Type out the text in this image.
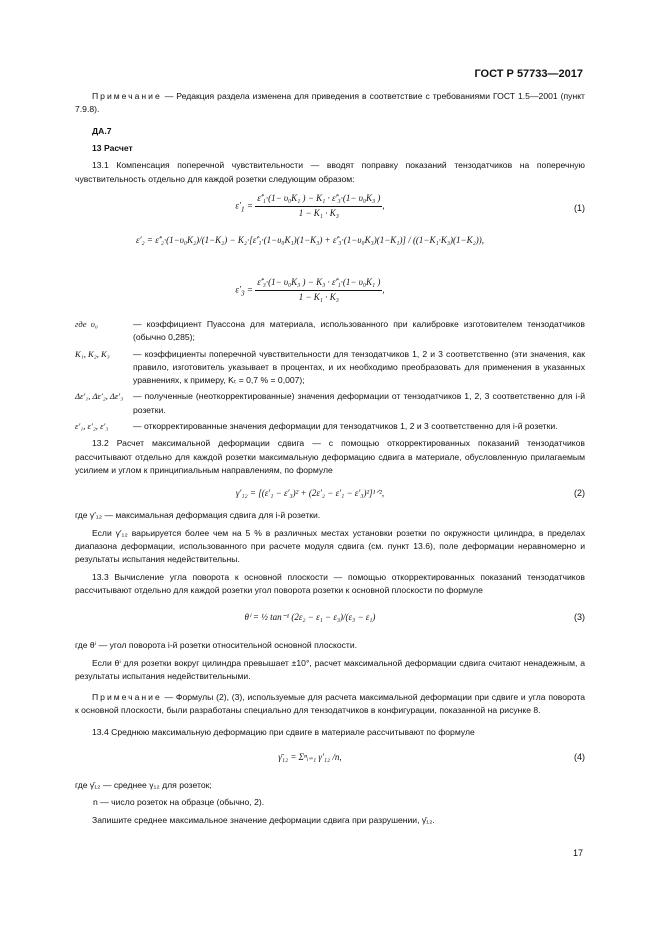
ГОСТ Р 57733—2017

Примечание — Редакция раздела изменена для приведения в соответствие с требованиями ГОСТ 1.5—2001 (пункт 7.9.8).

ДА.7

13 Расчет

13.1 Компенсация поперечной чувствительности — вводят поправку показаний тензодатчиков на поперечную чувствительность отдельно для каждой розетки следующим образом:

$\varepsilon'_1 = \frac{\text{ε̂′₁·(1− υ₀K₁ ) − K₁ · ε̂′₃·(1− υ₀K₃ )}}{\text{1 − K₁ · K₃}}$ ,	(1)
ε′₂ = ε̂′₂·(1−υ₀K₂)/(1−K₂) − K₂·[ε̂′₁·(1−υ₀K₁)(1−K₃) + ε̂′₃·(1−υ₀K₃)(1−K₁)] / ((1−K₁·K₃)(1−K₂)),
$\varepsilon'_3 = \frac{\text{ε̂′₃·(1− υ₀K₃ ) − K₃ · ε̂′₁·(1− υ₀K₁ )}}{\text{1 − K₁ · K₃}}$ ,
где υ₀	— коэффициент Пуассона для материала, использованного при калибровке изготовителем тензодатчиков (обычно 0,285);
K₁, K₂, K₃	— коэффициенты поперечной чувствительности для тензодатчиков 1, 2 и 3 соответственно (эти значения, как правило, изготовитель указывает в процентах, и их необходимо преобразовать для применения в указанных уравнениях, к примеру, Kₜ = 0,7 % = 0,007);
Δε′₁, Δε′₂, Δε′₃	— полученные (неоткорректированные) значения деформации от тензодатчиков 1, 2, 3 соответственно для i-й розетки.
ε′₁, ε′₂, ε′₃	— откорректированные значения деформации для тензодатчиков 1, 2 и 3 соответственно для i-й розетки.

13.2 Расчет максимальной деформации сдвига — с помощью откорректированных показаний тензодатчиков рассчитывают отдельно для каждой розетки максимальную деформацию сдвига в материале, обусловленную прилагаемым усилием и углом к принципиальным направлениям, по формуле

γ′₁₂ = [(ε′₁ − ε′₃)² + (2ε′₂ − ε′₁ − ε′₃)²]¹ᐟ²,	(2)

где γ′₁₂ — максимальная деформация сдвига для i-й розетки.

Если γ′₁₂ варьируется более чем на 5 % в различных местах установки розетки по окружности цилиндра, в пределах диапазона деформации, использованного при расчете модуля сдвига (см. пункт 13.6), поле деформации неравномерно и результаты испытания недействительны.

13.3 Вычисление угла поворота к основной плоскости — помощью откорректированных показаний тензодатчиков рассчитывают отдельно для каждой розетки угол поворота розетки к основной плоскости по формуле

θⁱ = ½ tan⁻¹ (2ε₂ − ε₁ − ε₃)/(ε₃ − ε₁)	(3)

где θⁱ — угол поворота i-й розетки относительной основной плоскости.

Если θⁱ для розетки вокруг цилиндра превышает ±10°, расчет максимальной деформации сдвига считают ненадежным, а результаты испытания недействительными.

Примечание — Формулы (2), (3), используемые для расчета максимальной деформации при сдвиге и угла поворота к основной плоскости, были разработаны специально для тензодатчиков в конфигурации, показанной на рисунке 8.

13.4 Среднюю максимальную деформацию при сдвиге в материале рассчитывают по формуле

γ̄₁₂ = Σⁿᵢ₌₁ γ′₁₂ /n,	(4)

где γ̄₁₂ — среднее γ₁₂ для розеток;

n — число розеток на образце (обычно, 2).

Запишите среднее максимальное значение деформации сдвига при разрушении, γ̄₁₂.

17
